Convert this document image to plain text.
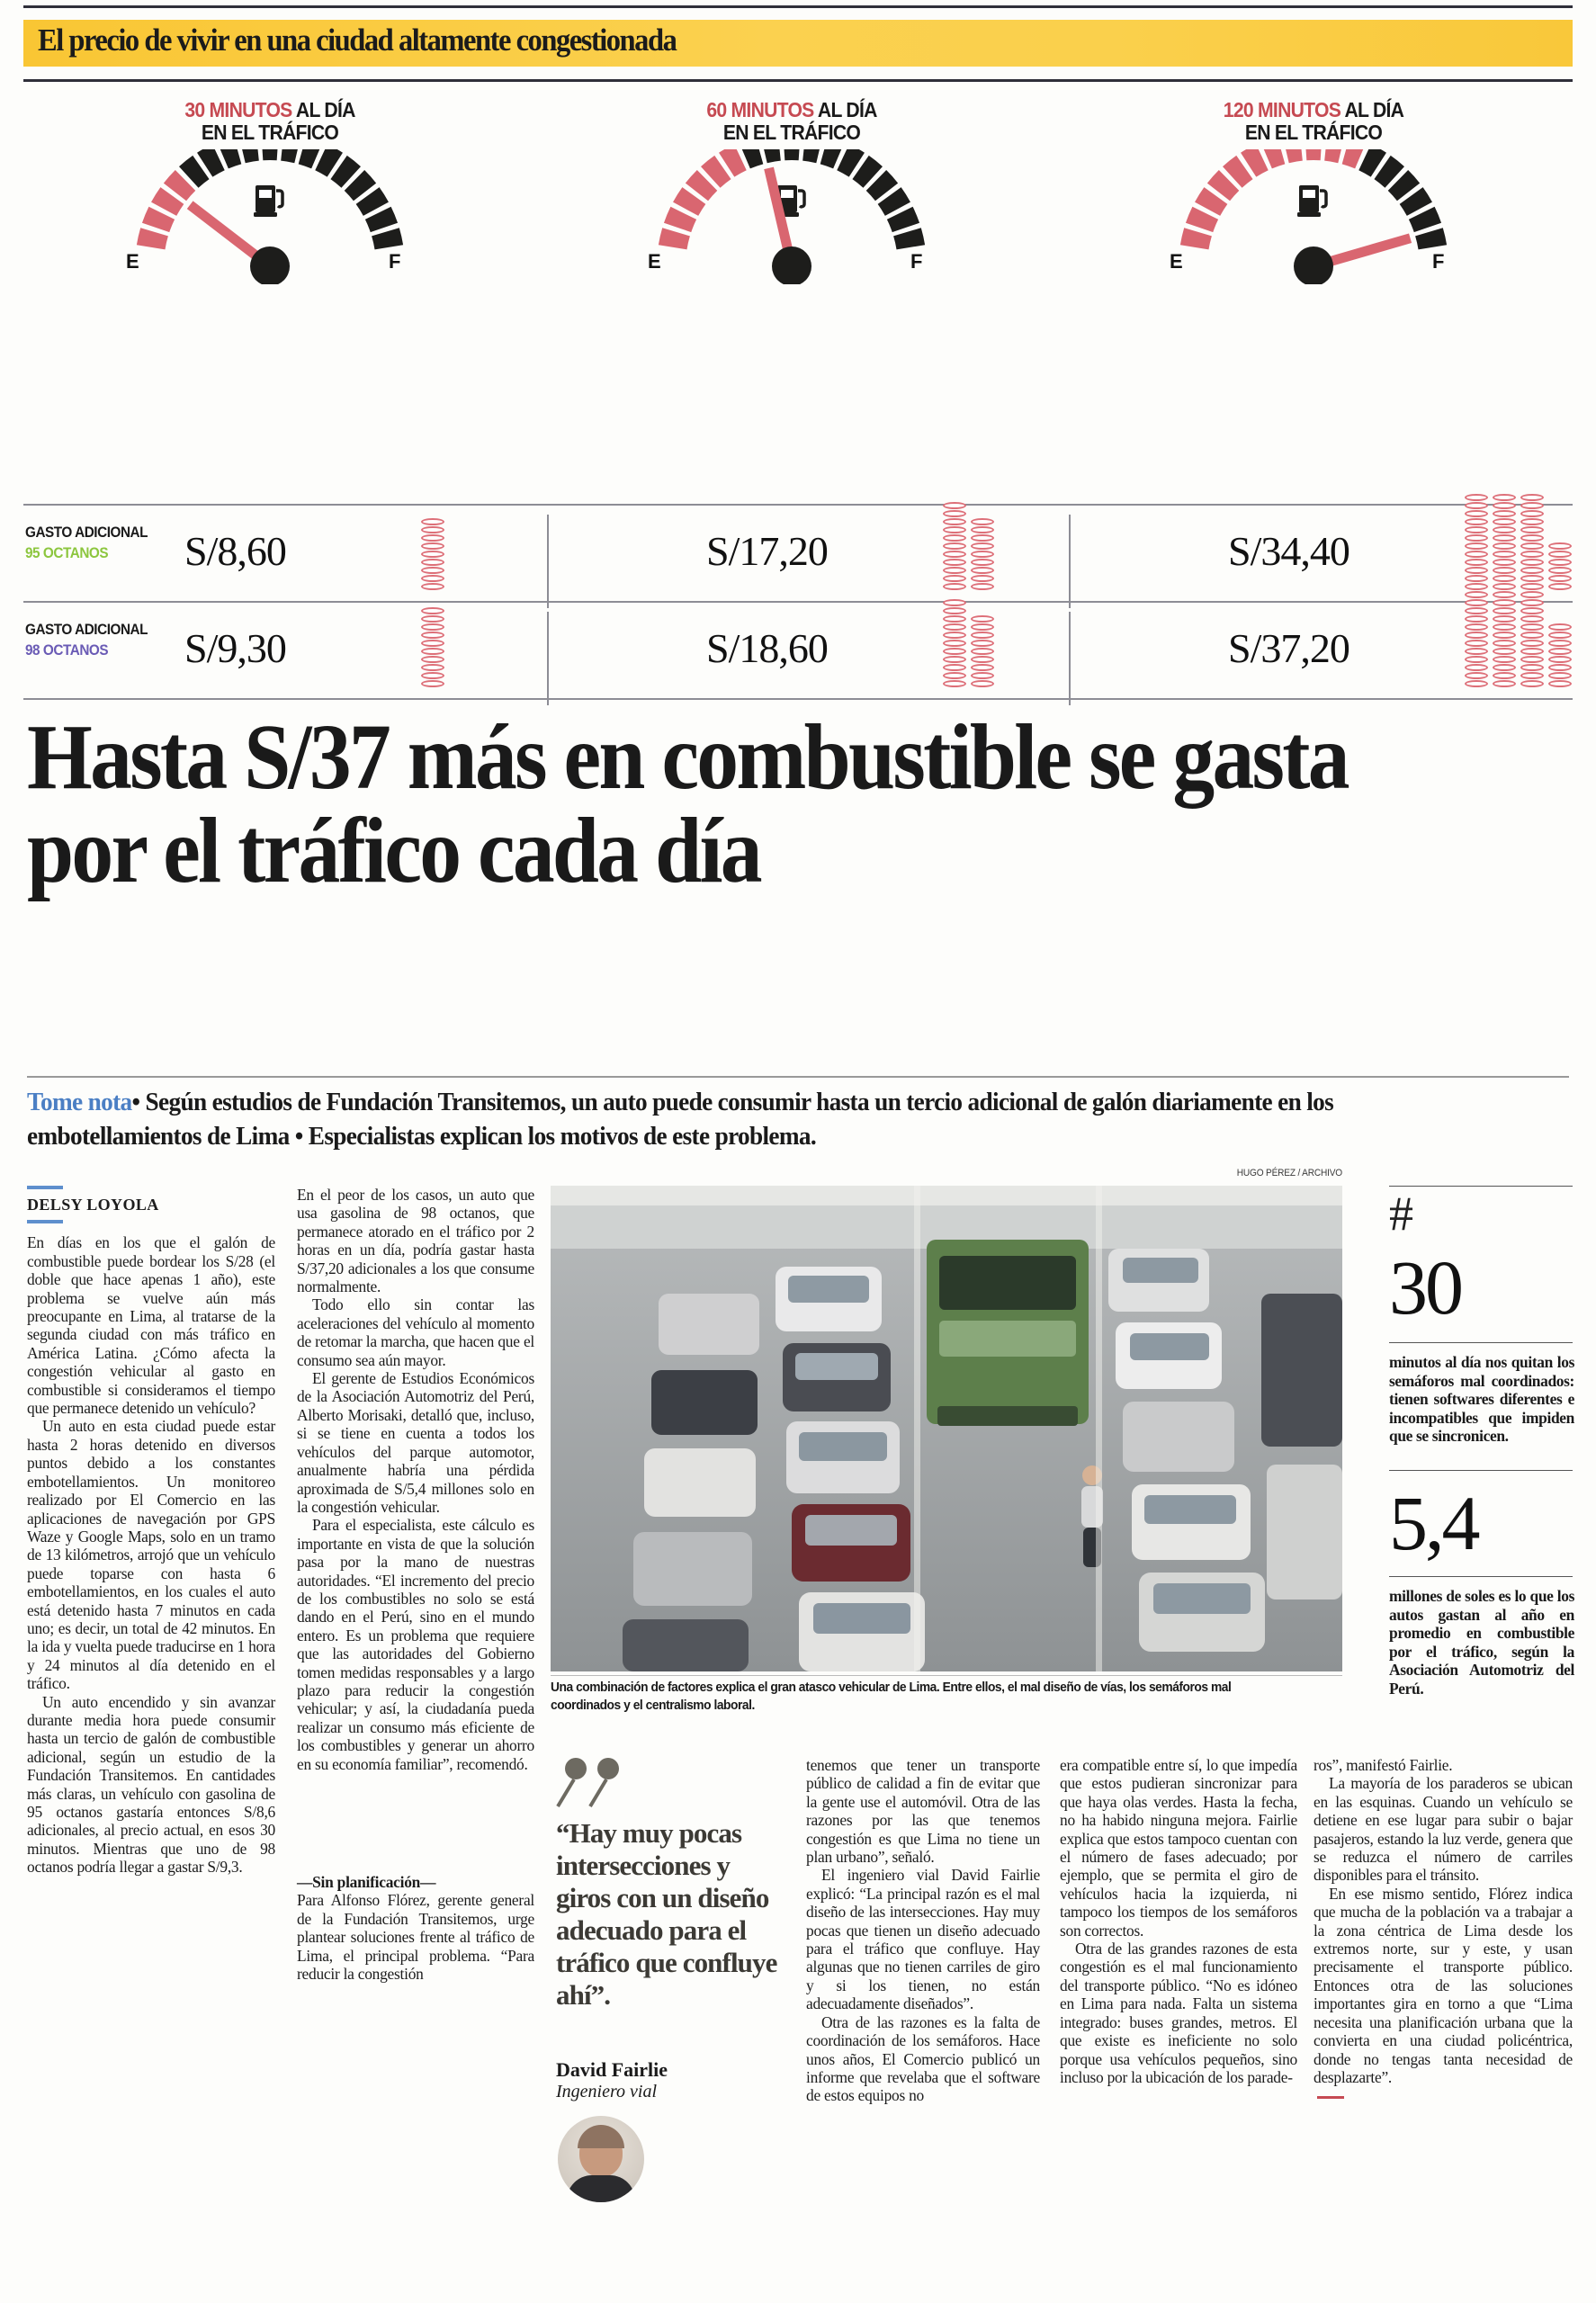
El precio de vivir en una ciudad altamente congestionada
30 MINUTOS AL DÍA
EN EL TRÁFICO
E	F
60 MINUTOS AL DÍA
EN EL TRÁFICO
E	F
120 MINUTOS AL DÍA
EN EL TRÁFICO
E	F
GASTO ADICIONAL
95 OCTANOS	S/8,60	S/17,20	S/34,40
GASTO ADICIONAL
98 OCTANOS	S/9,30	S/18,60	S/37,20
Hasta S/37 más en combustible se gasta por el tráfico cada día
Tome nota• Según estudios de Fundación Transitemos, un auto puede consumir hasta un tercio adicional de galón diariamente en los embotellamientos de Lima • Especialistas explican los motivos de este problema.
HUGO PÉREZ / ARCHIVO
Una combinación de factores explica el gran atasco vehicular de Lima. Entre ellos, el mal diseño de vías, los semáforos mal coordinados y el centralismo laboral.
#
30
minutos al día nos quitan los semáforos mal coordinados: tienen softwares diferentes e incompatibles que impiden que se sincronicen.
5,4
millones de soles es lo que los autos gastan al año en promedio en combustible por el tráfico, según la Asociación Automotriz del Perú.
DELSY LOYOLA

En días en los que el galón de combustible puede bordear los S/28 (el doble que hace apenas 1 año), este problema se vuelve aún más preocupante en Lima, al tratarse de la segunda ciudad con más tráfico en América Latina. ¿Cómo afecta la congestión vehicular al gasto en combustible si consideramos el tiempo que permanece detenido un vehículo?

Un auto en esta ciudad puede estar hasta 2 horas detenido en diversos puntos debido a los constantes embotellamientos. Un monitoreo realizado por El Comercio en las aplicaciones de navegación por GPS Waze y Google Maps, solo en un tramo de 13 kilómetros, arrojó que un vehículo puede toparse con hasta 6 embotellamientos, en los cuales el auto está detenido hasta 7 minutos en cada uno; es decir, un total de 42 minutos. En la ida y vuelta puede traducirse en 1 hora y 24 minutos al día detenido en el tráfico.

Un auto encendido y sin avanzar durante media hora puede consumir hasta un tercio de galón de combustible adicional, según un estudio de la Fundación Transitemos. En cantidades más claras, un vehículo con gasolina de 95 octanos gastaría entonces S/8,6 adicionales, al precio actual, en esos 30 minutos. Mientras que uno de 98 octanos podría llegar a gastar S/9,3.

En el peor de los casos, un auto que usa gasolina de 98 octanos, que permanece atorado en el tráfico por 2 horas en un día, podría gastar hasta S/37,20 adicionales a los que consume normalmente.

Todo ello sin contar las aceleraciones del vehículo al momento de retomar la marcha, que hacen que el consumo sea aún mayor.

El gerente de Estudios Económicos de la Asociación Automotriz del Perú, Alberto Morisaki, detalló que, incluso, si se tiene en cuenta a todos los vehículos del parque automotor, anualmente habría una pérdida aproximada de S/5,4 millones solo en la congestión vehicular.

Para el especialista, este cálculo es importante en vista de que la solución pasa por la mano de nuestras autoridades. “El incremento del precio de los combustibles no solo se está dando en el Perú, sino en el mundo entero. Es un problema que requiere que las autoridades del Gobierno tomen medidas responsables y a largo plazo para reducir la congestión vehicular; y así, la ciudadanía pueda realizar un consumo más eficiente de los combustibles y generar un ahorro en su economía familiar”, recomendó.

“Hay muy pocas intersecciones y giros con un diseño adecuado para el tráfico que confluye ahí”.
David Fairlie
Ingeniero vial

—Sin planificación—

Para Alfonso Flórez, gerente general de la Fundación Transitemos, urge plantear soluciones frente al tráfico de Lima, el principal problema. “Para reducir la congestión

tenemos que tener un transporte público de calidad a fin de evitar que la gente use el automóvil. Otra de las razones por las que tenemos congestión es que Lima no tiene un plan urbano”, señaló.

El ingeniero vial David Fairlie explicó: “La principal razón es el mal diseño de las intersecciones. Hay muy pocas que tienen un diseño adecuado para el tráfico que confluye. Hay algunas que no tienen carriles de giro y si los tienen, no están adecuadamente diseñados”.

Otra de las razones es la falta de coordinación de los semáforos. Hace unos años, El Comercio publicó un informe que revelaba que el software de estos equipos no

era compatible entre sí, lo que impedía que estos pudieran sincronizar para que haya olas verdes. Hasta la fecha, no ha habido ninguna mejora. Fairlie explica que estos tampoco cuentan con el número de fases adecuado; por ejemplo, que se permita el giro de vehículos hacia la izquierda, ni tampoco los tiempos de los semáforos son correctos.

Otra de las grandes razones de esta congestión es el mal funcionamiento del transporte público. “No es idóneo en Lima para nada. Falta un sistema integrado: buses grandes, metros. El que existe es ineficiente no solo porque usa vehículos pequeños, sino incluso por la ubicación de los parade-

ros”, manifestó Fairlie.

La mayoría de los paraderos se ubican en las esquinas. Cuando un vehículo se detiene en ese lugar para subir o bajar pasajeros, estando la luz verde, genera que se reduzca el número de carriles disponibles para el tránsito.

En ese mismo sentido, Flórez indica que mucha de la población va a trabajar a la zona céntrica de Lima desde los extremos norte, sur y este, y usan precisamente el transporte público. Entonces otra de las soluciones importantes gira en torno a que “Lima necesita una planificación urbana que la convierta en una ciudad policéntrica, donde no tengas tanta necesidad de desplazarte”.
